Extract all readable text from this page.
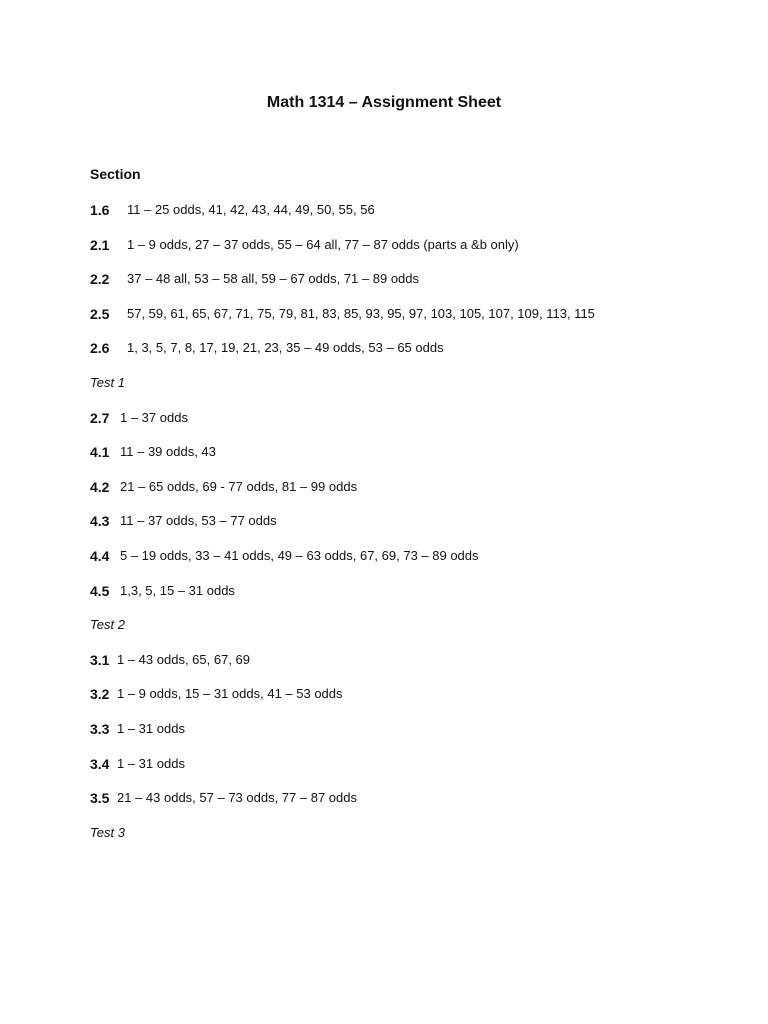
Math 1314 – Assignment Sheet
Section
1.6	11 – 25 odds, 41, 42, 43, 44, 49, 50, 55, 56
2.1	1 – 9 odds, 27 – 37 odds, 55 – 64 all, 77 – 87 odds (parts a &b only)
2.2	37 – 48 all, 53 – 58 all, 59 – 67 odds, 71 – 89 odds
2.5	57, 59, 61, 65, 67, 71, 75, 79, 81, 83, 85, 93, 95, 97, 103, 105, 107, 109, 113, 115
2.6	1, 3, 5, 7, 8, 17, 19, 21, 23, 35 – 49 odds, 53 – 65 odds
Test 1
2.7 1 – 37 odds
4.1 11 – 39 odds, 43
4.2 21 – 65 odds, 69 - 77 odds, 81 – 99 odds
4.3 11 – 37 odds, 53 – 77 odds
4.4 5 – 19 odds, 33 – 41 odds, 49 – 63 odds, 67, 69, 73 – 89 odds
4.5 1,3, 5, 15 – 31 odds
Test 2
3.1 1 – 43 odds, 65, 67, 69
3.2 1 – 9 odds, 15 – 31 odds, 41 – 53 odds
3.3 1 – 31 odds
3.4 1 – 31 odds
3.5 21 – 43 odds, 57 – 73 odds, 77 – 87 odds
Test 3
